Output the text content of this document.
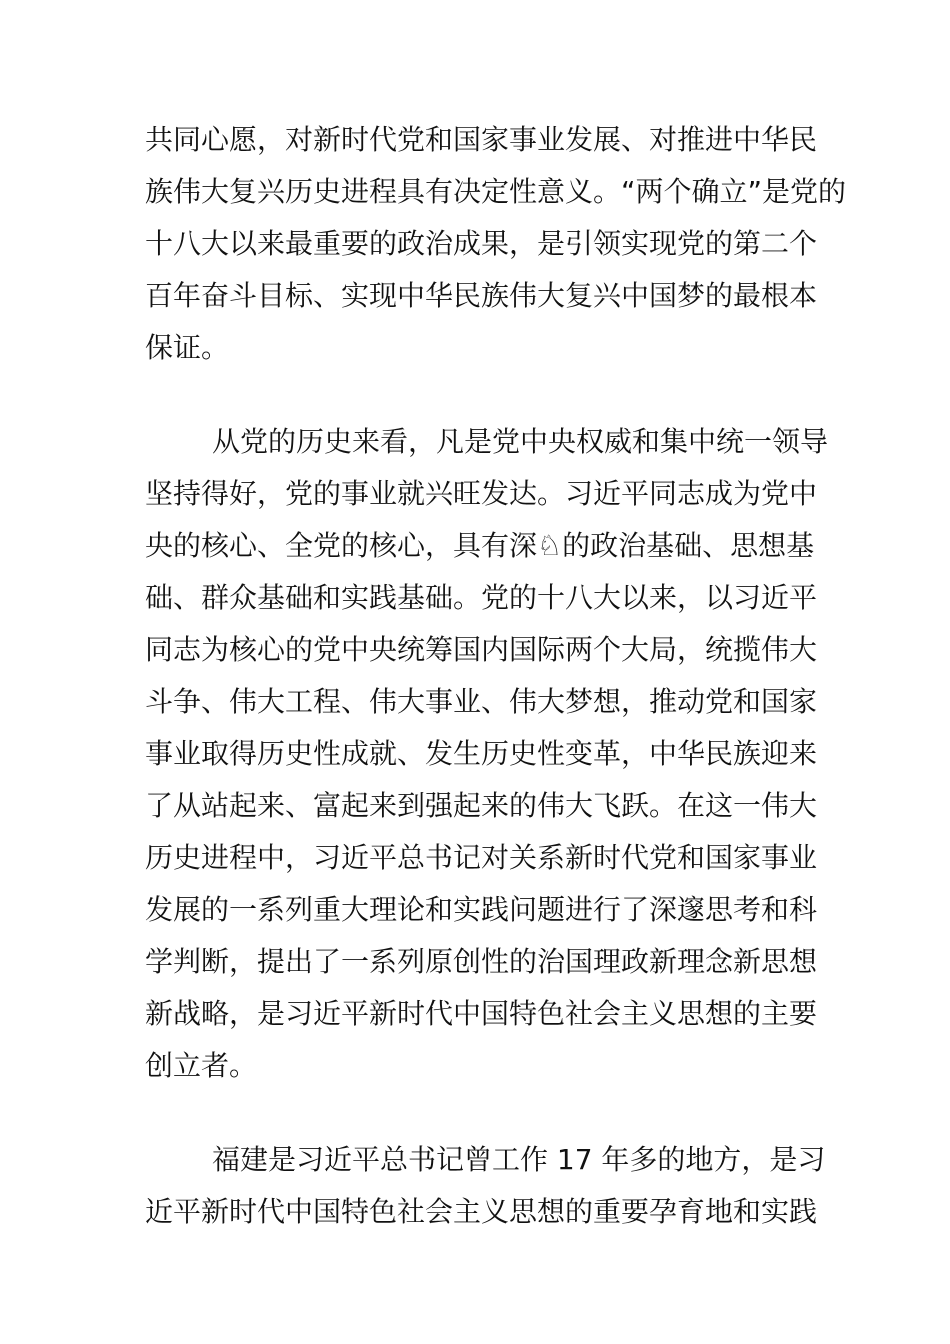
共同心愿，对新时代党和国家事业发展、对推进中华民
族伟大复兴历史进程具有决定性意义。“两个确立”是党的
十八大以来最重要的政治成果，是引领实现党的第二个
百年奋斗目标、实现中华民族伟大复兴中国梦的最根本
保证。
从党的历史来看，凡是党中央权威和集中统一领导
坚持得好，党的事业就兴旺发达。习近平同志成为党中
央的核心、全党的核心，具有深♘的政治基础、思想基
础、群众基础和实践基础。党的十八大以来，以习近平
同志为核心的党中央统筹国内国际两个大局，统揽伟大
斗争、伟大工程、伟大事业、伟大梦想，推动党和国家
事业取得历史性成就、发生历史性变革，中华民族迎来
了从站起来、富起来到强起来的伟大飞跃。在这一伟大
历史进程中，习近平总书记对关系新时代党和国家事业
发展的一系列重大理论和实践问题进行了深邃思考和科
学判断，提出了一系列原创性的治国理政新理念新思想
新战略，是习近平新时代中国特色社会主义思想的主要
创立者。
福建是习近平总书记曾工作 17 年多的地方，是习
近平新时代中国特色社会主义思想的重要孕育地和实践
